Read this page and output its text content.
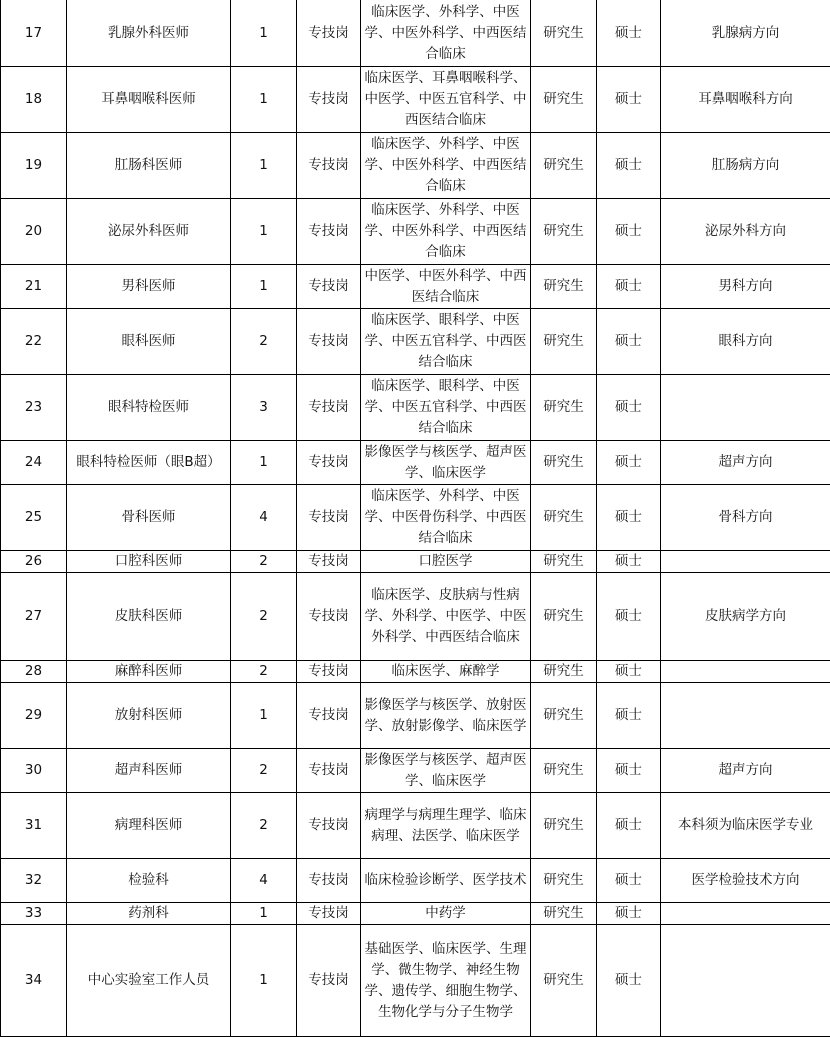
17	乳腺外科医师	1	专技岗	临床医学、外科学、中医学、中医外科学、中西医结合临床	研究生	硕士	乳腺病方向
18	耳鼻咽喉科医师	1	专技岗	临床医学、耳鼻咽喉科学、中医学、中医五官科学、中西医结合临床	研究生	硕士	耳鼻咽喉科方向
19	肛肠科医师	1	专技岗	临床医学、外科学、中医学、中医外科学、中西医结合临床	研究生	硕士	肛肠病方向
20	泌尿外科医师	1	专技岗	临床医学、外科学、中医学、中医外科学、中西医结合临床	研究生	硕士	泌尿外科方向
21	男科医师	1	专技岗	中医学、中医外科学、中西医结合临床	研究生	硕士	男科方向
22	眼科医师	2	专技岗	临床医学、眼科学、中医学、中医五官科学、中西医结合临床	研究生	硕士	眼科方向
23	眼科特检医师	3	专技岗	临床医学、眼科学、中医学、中医五官科学、中西医结合临床	研究生	硕士	
24	眼科特检医师（眼B超）	1	专技岗	影像医学与核医学、超声医学、临床医学	研究生	硕士	超声方向
25	骨科医师	4	专技岗	临床医学、外科学、中医学、中医骨伤科学、中西医结合临床	研究生	硕士	骨科方向
26	口腔科医师	2	专技岗	口腔医学	研究生	硕士	
27	皮肤科医师	2	专技岗	临床医学、皮肤病与性病学、外科学、中医学、中医外科学、中西医结合临床	研究生	硕士	皮肤病学方向
28	麻醉科医师	2	专技岗	临床医学、麻醉学	研究生	硕士	
29	放射科医师	1	专技岗	影像医学与核医学、放射医学、放射影像学、临床医学	研究生	硕士	
30	超声科医师	2	专技岗	影像医学与核医学、超声医学、临床医学	研究生	硕士	超声方向
31	病理科医师	2	专技岗	病理学与病理生理学、临床病理、法医学、临床医学	研究生	硕士	本科须为临床医学专业
32	检验科	4	专技岗	临床检验诊断学、医学技术	研究生	硕士	医学检验技术方向
33	药剂科	1	专技岗	中药学	研究生	硕士	
34	中心实验室工作人员	1	专技岗	基础医学、临床医学、生理学、微生物学、神经生物学、遗传学、细胞生物学、生物化学与分子生物学	研究生	硕士	
